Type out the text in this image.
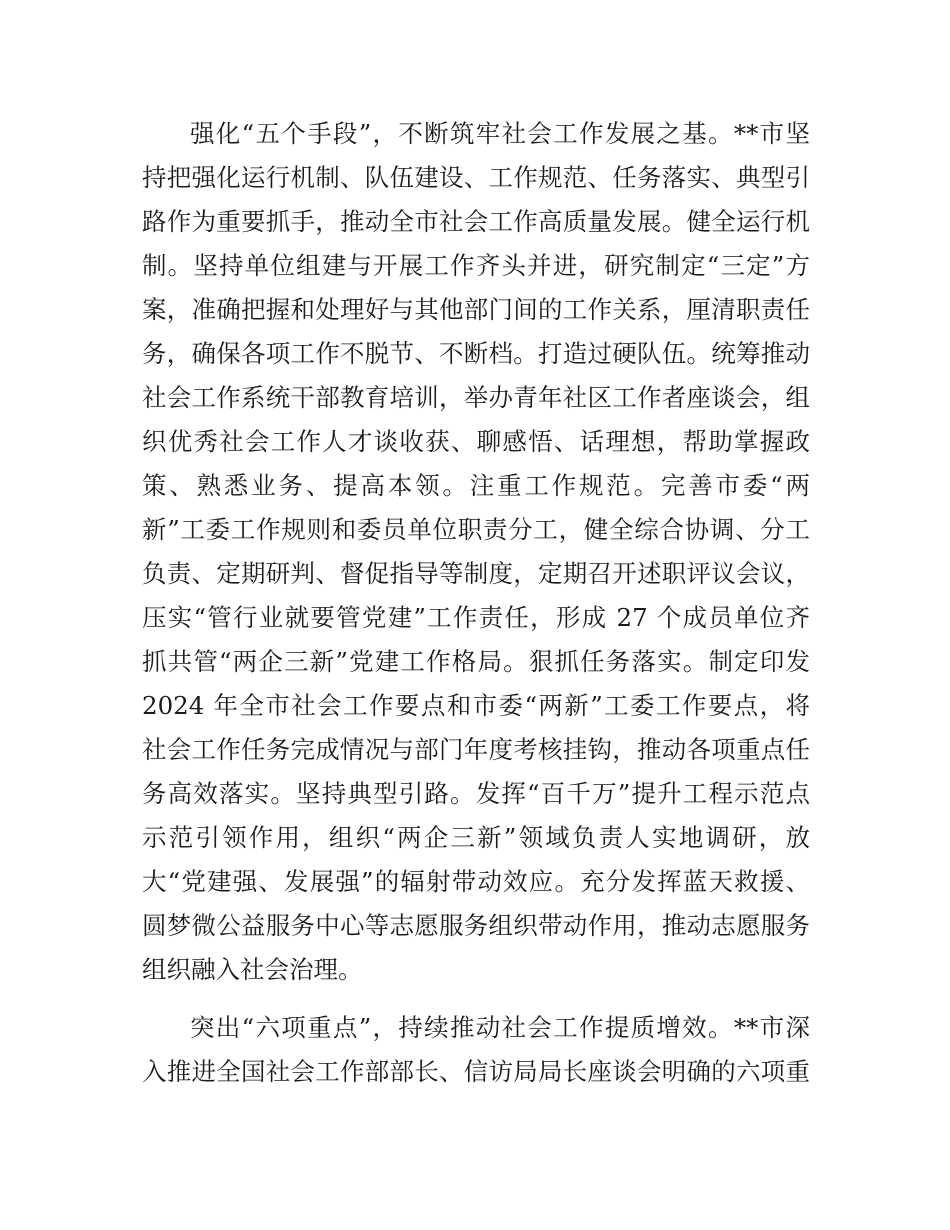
强化“五个手段”，不断筑牢社会工作发展之基。**市坚
持把强化运行机制、队伍建设、工作规范、任务落实、典型引
路作为重要抓手，推动全市社会工作高质量发展。健全运行机
制。坚持单位组建与开展工作齐头并进，研究制定“三定”方
案，准确把握和处理好与其他部门间的工作关系，厘清职责任
务，确保各项工作不脱节、不断档。打造过硬队伍。统筹推动
社会工作系统干部教育培训，举办青年社区工作者座谈会，组
织优秀社会工作人才谈收获、聊感悟、话理想，帮助掌握政
策、熟悉业务、提高本领。注重工作规范。完善市委“两
新”工委工作规则和委员单位职责分工，健全综合协调、分工
负责、定期研判、督促指导等制度，定期召开述职评议会议，
压实“管行业就要管党建”工作责任，形成 27 个成员单位齐
抓共管“两企三新”党建工作格局。狠抓任务落实。制定印发
2024 年全市社会工作要点和市委“两新”工委工作要点，将
社会工作任务完成情况与部门年度考核挂钩，推动各项重点任
务高效落实。坚持典型引路。发挥“百千万”提升工程示范点
示范引领作用，组织“两企三新”领域负责人实地调研，放
大“党建强、发展强”的辐射带动效应。充分发挥蓝天救援、
圆梦微公益服务中心等志愿服务组织带动作用，推动志愿服务
组织融入社会治理。
突出“六项重点”，持续推动社会工作提质增效。**市深
入推进全国社会工作部部长、信访局局长座谈会明确的六项重
